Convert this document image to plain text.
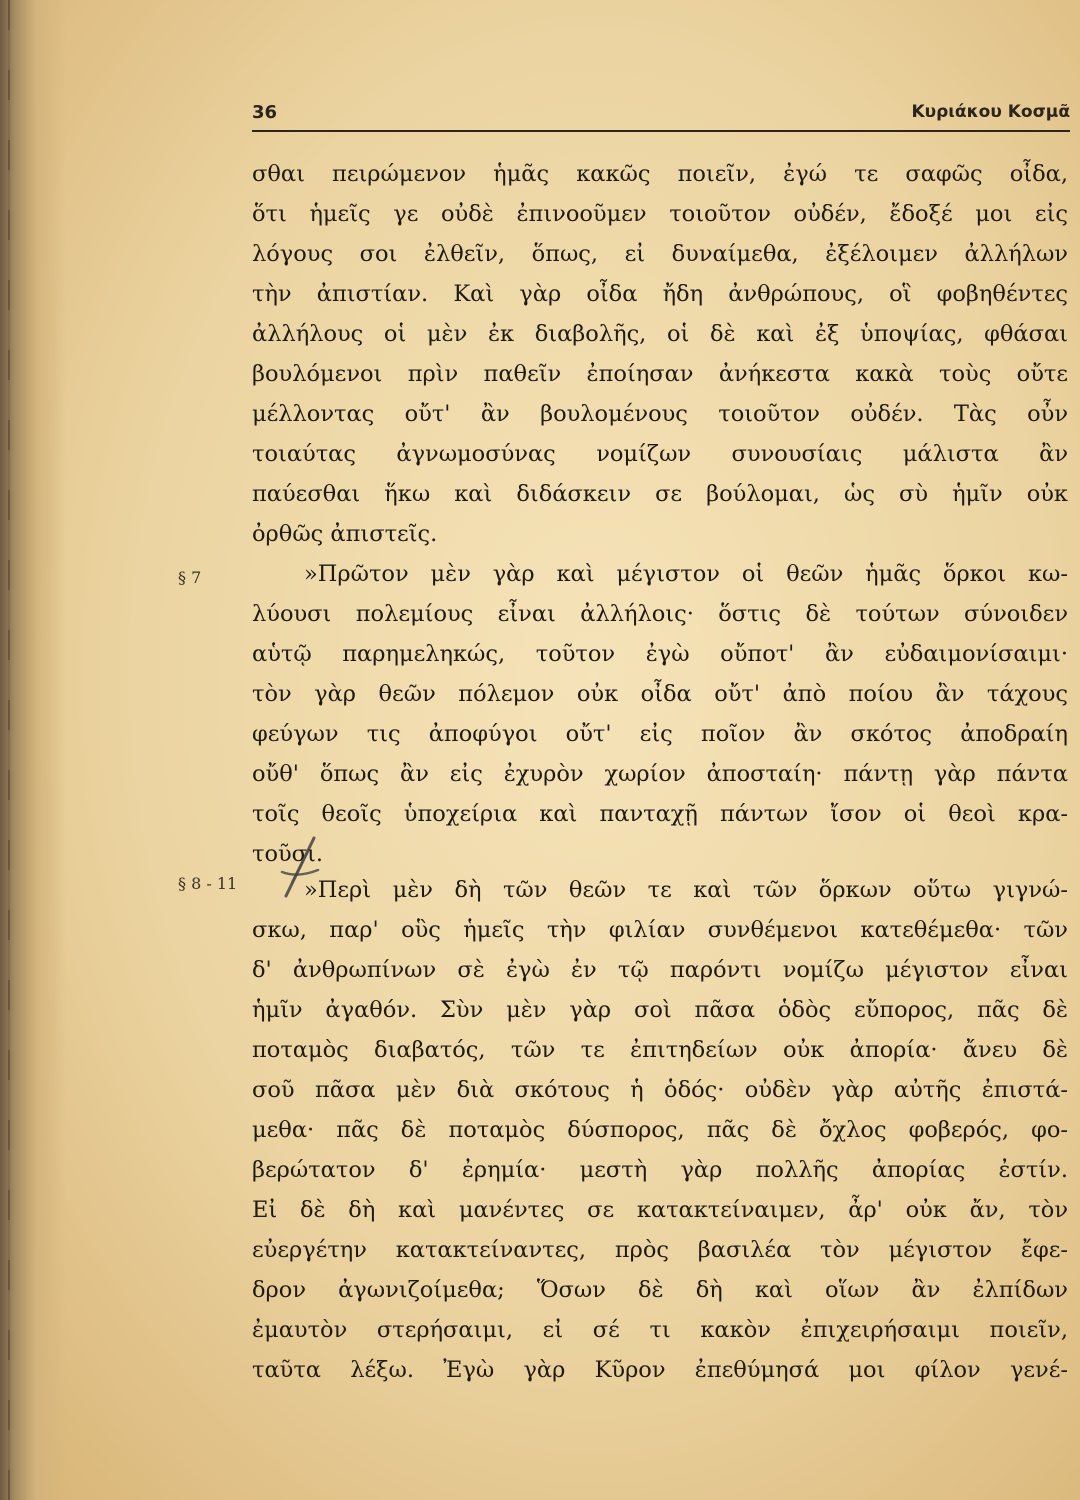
36	Κυριάκου Κοσμᾶ
§ 7
§ 8 - 11
σθαι πειρώμενον ἡμᾶς κακῶς ποιεῖν, ἐγώ τε σαφῶς οἶδα,
ὅτι ἡμεῖς γε οὐδὲ ἐπινοοῦμεν τοιοῦτον οὐδέν, ἔδοξέ μοι εἰς
λόγους σοι ἐλθεῖν, ὅπως, εἰ δυναίμεθα, ἐξέλοιμεν ἀλλήλων
τὴν ἀπιστίαν. Καὶ γὰρ οἶδα ἤδη ἀνθρώπους, οἳ φοβηθέντες
ἀλλήλους οἱ μὲν ἐκ διαβολῆς, οἱ δὲ καὶ ἐξ ὑποψίας, φθάσαι
βουλόμενοι πρὶν παθεῖν ἐποίησαν ἀνήκεστα κακὰ τοὺς οὔτε
μέλλοντας οὔτ' ἂν βουλομένους τοιοῦτον οὐδέν. Τὰς οὖν
τοιαύτας ἀγνωμοσύνας νομίζων συνουσίαις μάλιστα ἂν
παύεσθαι ἥκω καὶ διδάσκειν σε βούλομαι, ὡς σὺ ἡμῖν οὐκ
ὀρθῶς ἀπιστεῖς.
»Πρῶτον μὲν γὰρ καὶ μέγιστον οἱ θεῶν ἡμᾶς ὅρκοι κω-
λύουσι πολεμίους εἶναι ἀλλήλοις· ὅστις δὲ τούτων σύνοιδεν
αὑτῷ παρημεληκώς, τοῦτον ἐγὼ οὔποτ' ἂν εὐδαιμονίσαιμι·
τὸν γὰρ θεῶν πόλεμον οὐκ οἶδα οὔτ' ἀπὸ ποίου ἂν τάχους
φεύγων τις ἀποφύγοι οὔτ' εἰς ποῖον ἂν σκότος ἀποδραίη
οὔθ' ὅπως ἂν εἰς ἐχυρὸν χωρίον ἀποσταίη· πάντῃ γὰρ πάντα
τοῖς θεοῖς ὑποχείρια καὶ πανταχῇ πάντων ἴσον οἱ θεοὶ κρα-
τοῦσι.
»Περὶ μὲν δὴ τῶν θεῶν τε καὶ τῶν ὅρκων οὕτω γιγνώ-
σκω, παρ' οὓς ἡμεῖς τὴν φιλίαν συνθέμενοι κατεθέμεθα· τῶν
δ' ἀνθρωπίνων σὲ ἐγὼ ἐν τῷ παρόντι νομίζω μέγιστον εἶναι
ἡμῖν ἀγαθόν. Σὺν μὲν γὰρ σοὶ πᾶσα ὁδὸς εὔπορος, πᾶς δὲ
ποταμὸς διαβατός, τῶν τε ἐπιτηδείων οὐκ ἀπορία· ἄνευ δὲ
σοῦ πᾶσα μὲν διὰ σκότους ἡ ὁδός· οὐδὲν γὰρ αὐτῆς ἐπιστά-
μεθα· πᾶς δὲ ποταμὸς δύσπορος, πᾶς δὲ ὄχλος φοβερός, φο-
βερώτατον δ' ἐρημία· μεστὴ γὰρ πολλῆς ἀπορίας ἐστίν.
Εἰ δὲ δὴ καὶ μανέντες σε κατακτείναιμεν, ἆρ' οὐκ ἄν, τὸν
εὐεργέτην κατακτείναντες, πρὸς βασιλέα τὸν μέγιστον ἔφε-
δρον ἀγωνιζοίμεθα; Ὅσων δὲ δὴ καὶ οἵων ἂν ἐλπίδων
ἐμαυτὸν στερήσαιμι, εἰ σέ τι κακὸν ἐπιχειρήσαιμι ποιεῖν,
ταῦτα λέξω. Ἐγὼ γὰρ Κῦρον ἐπεθύμησά μοι φίλον γενέ-
